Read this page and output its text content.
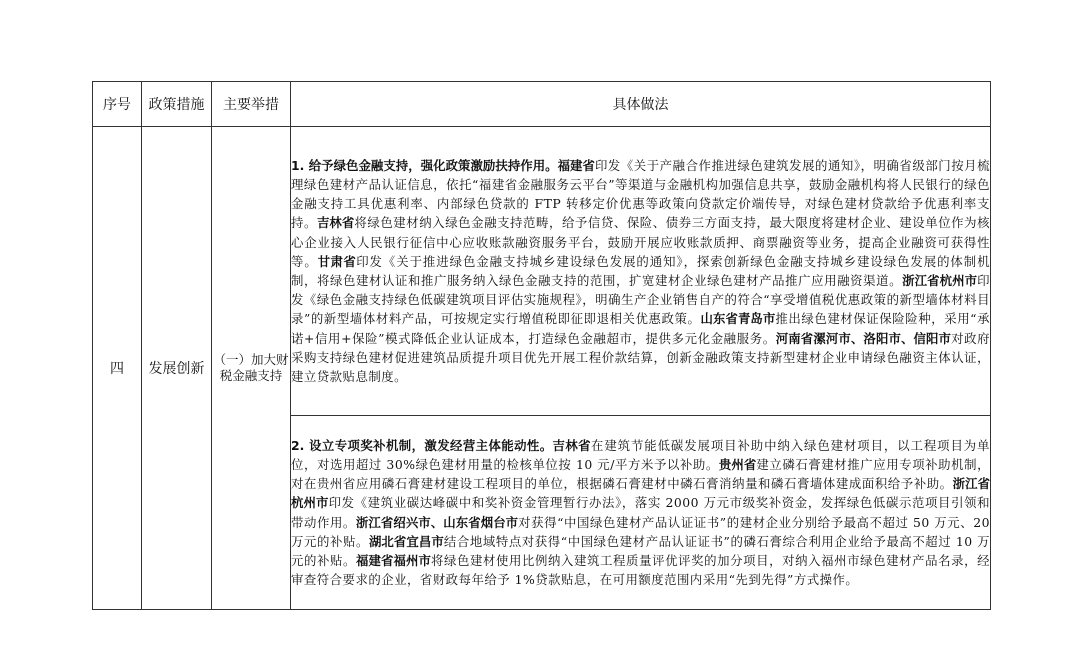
序号	政策措施	主要举措	具体做法
四	发展创新	（一）加大财税金融支持	1. 给予绿色金融支持，强化政策激励扶持作用。福建省印发《关于产融合作推进绿色建筑发展的通知》，明确省级部门按月梳理绿色建材产品认证信息，依托“福建省金融服务云平台”等渠道与金融机构加强信息共享，鼓励金融机构将人民银行的绿色金融支持工具优惠利率、内部绿色贷款的 FTP 转移定价优惠等政策向贷款定价端传导，对绿色建材贷款给予优惠利率支持。吉林省将绿色建材纳入绿色金融支持范畴，给予信贷、保险、债券三方面支持，最大限度将建材企业、建设单位作为核心企业接入人民银行征信中心应收账款融资服务平台，鼓励开展应收账款质押、商票融资等业务，提高企业融资可获得性等。甘肃省印发《关于推进绿色金融支持城乡建设绿色发展的通知》，探索创新绿色金融支持城乡建设绿色发展的体制机制，将绿色建材认证和推广服务纳入绿色金融支持的范围，扩宽建材企业绿色建材产品推广应用融资渠道。浙江省杭州市印发《绿色金融支持绿色低碳建筑项目评估实施规程》，明确生产企业销售自产的符合“享受增值税优惠政策的新型墙体材料目录”的新型墙体材料产品，可按规定实行增值税即征即退相关优惠政策。山东省青岛市推出绿色建材保证保险险种，采用“承诺+信用+保险”模式降低企业认证成本，打造绿色金融超市，提供多元化金融服务。河南省漯河市、洛阳市、信阳市对政府采购支持绿色建材促进建筑品质提升项目优先开展工程价款结算，创新金融政策支持新型建材企业申请绿色融资主体认证，建立贷款贴息制度。
			2. 设立专项奖补机制，激发经营主体能动性。吉林省在建筑节能低碳发展项目补助中纳入绿色建材项目，以工程项目为单位，对选用超过 30%绿色建材用量的检核单位按 10 元/平方米予以补助。贵州省建立磷石膏建材推广应用专项补助机制，对在贵州省应用磷石膏建材建设工程项目的单位，根据磷石膏建材中磷石膏消纳量和磷石膏墙体建成面积给予补助。浙江省杭州市印发《建筑业碳达峰碳中和奖补资金管理暂行办法》，落实 2000 万元市级奖补资金，发挥绿色低碳示范项目引领和带动作用。浙江省绍兴市、山东省烟台市对获得“中国绿色建材产品认证证书”的建材企业分别给予最高不超过 50 万元、20 万元的补贴。湖北省宜昌市结合地域特点对获得“中国绿色建材产品认证证书”的磷石膏综合利用企业给予最高不超过 10 万元的补贴。福建省福州市将绿色建材使用比例纳入建筑工程质量评优评奖的加分项目，对纳入福州市绿色建材产品名录，经审查符合要求的企业，省财政每年给予 1%贷款贴息，在可用额度范围内采用“先到先得”方式操作。
